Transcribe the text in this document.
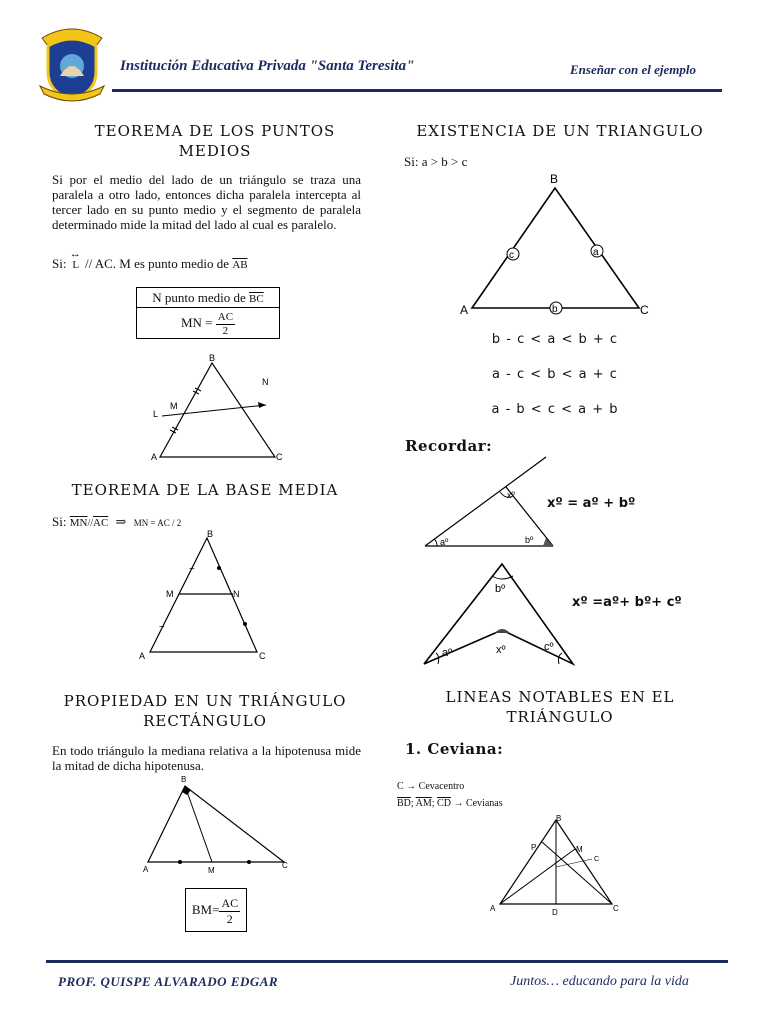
Institución Educativa Privada "Santa Teresita"	Enseñar con el ejemplo
TEOREMA DE LOS PUNTOS MEDIOS
Si por el medio del lado de un triángulo se traza una paralela a otro lado, entonces dicha paralela intercepta al tercer lado en su punto medio y el segmento de paralela determinado mide la mitad del lado al cual es paralelo.
Si:
↔
L // AC. M es punto medio de $\overline{AB}$
N punto medio de $\overline{BC}$
MN = $\frac{AC}{2}$
B
N
M
L
A	C
TEOREMA DE LA BASE MEDIA
Si: $\overline{MN}//\overline{AC}$ ⇒ MN = AC / 2
~
~
B
M	N
A	C
PROPIEDAD EN UN TRIÁNGULO RECTÁNGULO
En todo triángulo la mediana relativa a la hipotenusa mide la mitad de dicha hipotenusa.
B
A	M
C
$BM= \frac{AC}{2}$
EXISTENCIA DE UN TRIANGULO
Si: a > b > c
B
A	C
c	a
b
b - c < a < b + c
a - c < b < a + c
a - b < c < a + b
Recordar:
xº
aº	bº
xº = aº + bº
bº
xº
aº	cº
xº =aº+ bº+ cº
LINEAS NOTABLES EN EL TRIÁNGULO
1. Ceviana:
C → Cevacentro
$\overline{BD}$; $\overline{AM}$; $\overline{CD}$ → Cevianas
B
P	M
C
A	D	C
PROF. QUISPE ALVARADO EDGAR	Juntos… educando para la vida
